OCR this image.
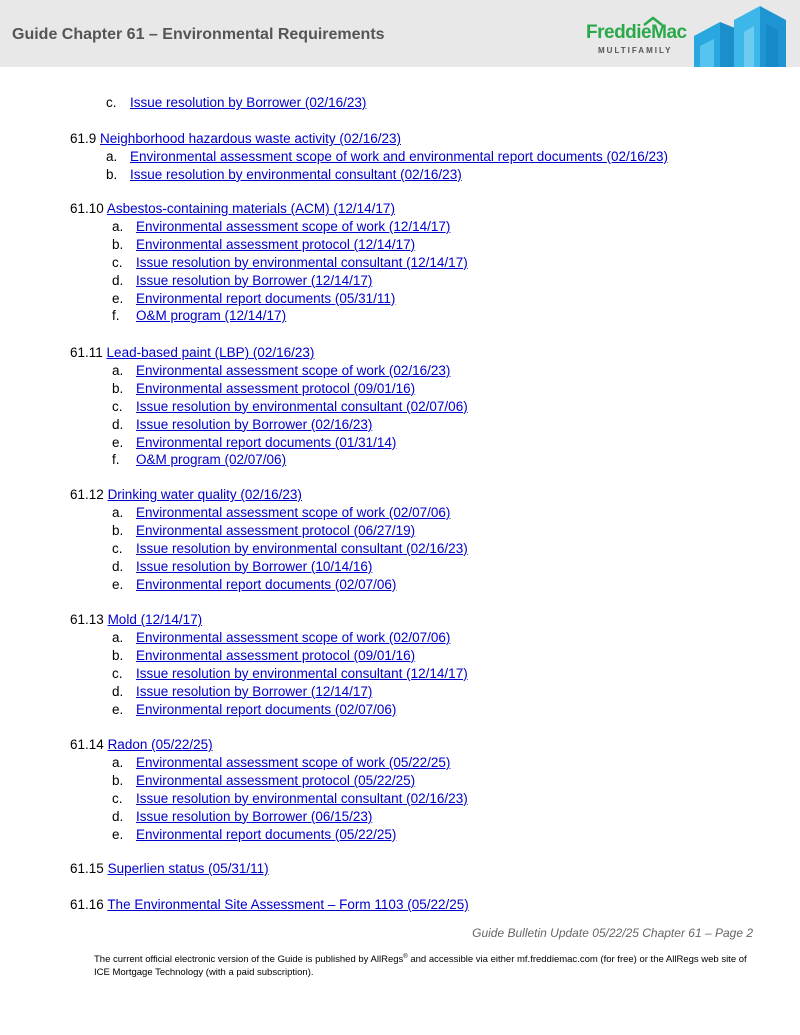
Guide Chapter 61 – Environmental Requirements	FreddieMac
MULTIFAMILY
c. Issue resolution by Borrower (02/16/23)
61.9 Neighborhood hazardous waste activity (02/16/23)
a. Environmental assessment scope of work and environmental report documents (02/16/23)
b. Issue resolution by environmental consultant (02/16/23)
61.10 Asbestos-containing materials (ACM) (12/14/17)
a. Environmental assessment scope of work (12/14/17)
b. Environmental assessment protocol (12/14/17)
c. Issue resolution by environmental consultant (12/14/17)
d. Issue resolution by Borrower (12/14/17)
e. Environmental report documents (05/31/11)
f. O&M program (12/14/17)
61.11 Lead-based paint (LBP) (02/16/23)
a. Environmental assessment scope of work (02/16/23)
b. Environmental assessment protocol (09/01/16)
c. Issue resolution by environmental consultant (02/07/06)
d. Issue resolution by Borrower (02/16/23)
e. Environmental report documents (01/31/14)
f. O&M program (02/07/06)
61.12 Drinking water quality (02/16/23)
a. Environmental assessment scope of work (02/07/06)
b. Environmental assessment protocol (06/27/19)
c. Issue resolution by environmental consultant (02/16/23)
d. Issue resolution by Borrower (10/14/16)
e. Environmental report documents (02/07/06)
61.13 Mold (12/14/17)
a. Environmental assessment scope of work (02/07/06)
b. Environmental assessment protocol (09/01/16)
c. Issue resolution by environmental consultant (12/14/17)
d. Issue resolution by Borrower (12/14/17)
e. Environmental report documents (02/07/06)
61.14 Radon (05/22/25)
a. Environmental assessment scope of work (05/22/25)
b. Environmental assessment protocol (05/22/25)
c. Issue resolution by environmental consultant (02/16/23)
d. Issue resolution by Borrower (06/15/23)
e. Environmental report documents (05/22/25)
61.15 Superlien status (05/31/11)
61.16 The Environmental Site Assessment – Form 1103 (05/22/25)
Guide Bulletin Update 05/22/25 Chapter 61 – Page 2
The current official electronic version of the Guide is published by AllRegs® and accessible via either mf.freddiemac.com (for free) or the AllRegs web site of ICE Mortgage Technology (with a paid subscription).
